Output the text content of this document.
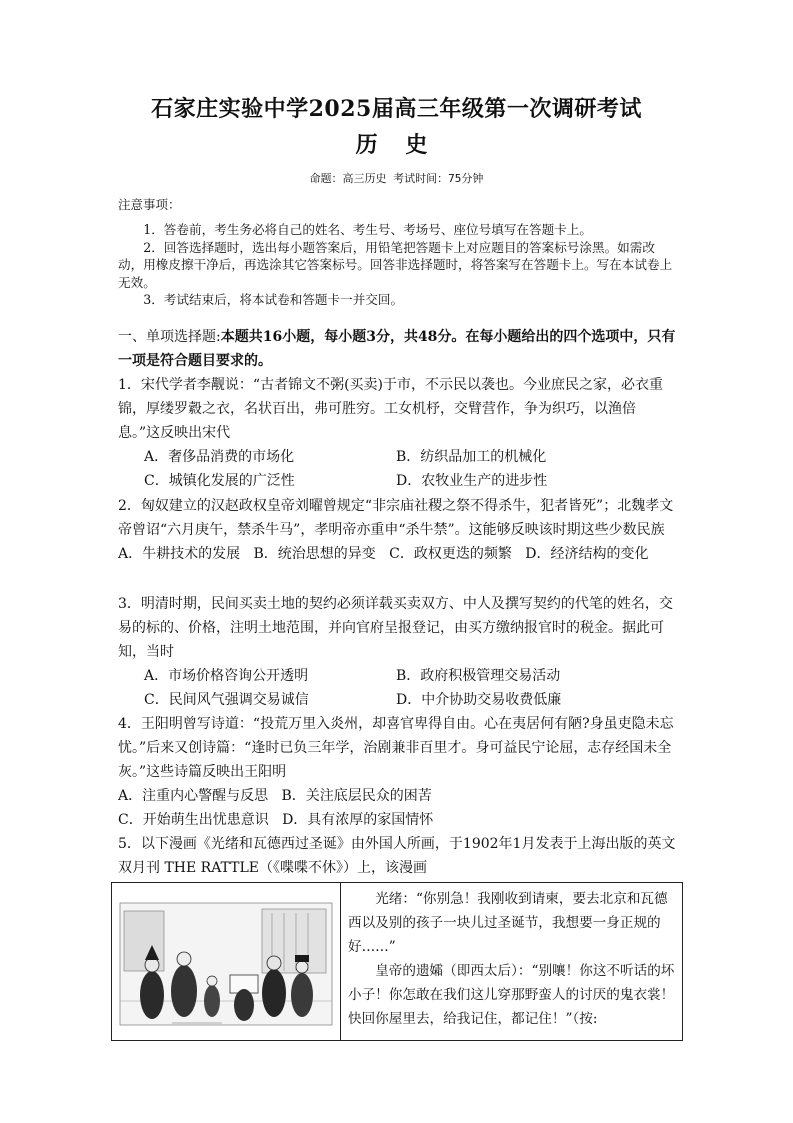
石家庄实验中学2025届高三年级第一次调研考试
历 史
命题：高三历史 考试时间：75分钟
注意事项：

1．答卷前，考生务必将自己的姓名、考生号、考场号、座位号填写在答题卡上。

2．回答选择题时，选出每小题答案后，用铅笔把答题卡上对应题目的答案标号涂黑。如需改动，用橡皮擦干净后，再选涂其它答案标号。回答非选择题时，将答案写在答题卡上。写在本试卷上无效。

3．考试结束后，将本试卷和答题卡一并交回。

一、单项选择题:本题共16小题，每小题3分，共48分。在每小题给出的四个选项中，只有一项是符合题目要求的。

1．宋代学者李觏说：“古者锦文不粥(买卖)于市，不示民以袭也。今业庶民之家，必衣重锦，厚缕罗縠之衣，名状百出，弗可胜穷。工女机杼，交臂营作，争为织巧，以渔倍息。”这反映出宋代

A．奢侈品消费的市场化	B．纺织品加工的机械化
C．城镇化发展的广泛性	D．农牧业生产的进步性

2．匈奴建立的汉赵政权皇帝刘曜曾规定“非宗庙社稷之祭不得杀牛，犯者皆死”；北魏孝文帝曾诏“六月庚午，禁杀牛马”，孝明帝亦重申“杀牛禁”。这能够反映该时期这些少数民族

A．牛耕技术的发展 B．统治思想的异变 C．政权更迭的频繁 D．经济结构的变化

3．明清时期，民间买卖土地的契约必须详载买卖双方、中人及撰写契约的代笔的姓名，交易的标的、价格，注明土地范围，并向官府呈报登记，由买方缴纳报官时的税金。据此可知，当时

A．市场价格咨询公开透明	B．政府积极管理交易活动
C．民间风气强调交易诚信	D．中介协助交易收费低廉

4．王阳明曾写诗道：“投荒万里入炎州，却喜官卑得自由。心在夷居何有陋?身虽吏隐未忘忧。”后来又创诗篇：“逢时已负三年学，治剧兼非百里才。身可益民宁论屈，志存经国未全灰。”这些诗篇反映出王阳明

A．注重内心警醒与反思 B．关注底层民众的困苦
C．开始萌生出忧患意识 D．具有浓厚的家国情怀

5．以下漫画《光绪和瓦德西过圣诞》由外国人所画，于1902年1月发表于上海出版的英文双月刊 THE RATTLE（《喋喋不休》）上，该漫画

光绪：“你别急！我刚收到请柬，要去北京和瓦德西以及别的孩子一块儿过圣诞节，我想要一身正规的好……”

皇帝的遗孀（即西太后）：“别嚷！你这不听话的坏小子！你怎敢在我们这儿穿那野蛮人的讨厌的鬼衣裳！快回你屋里去，给我记住，都记住！”（按:
